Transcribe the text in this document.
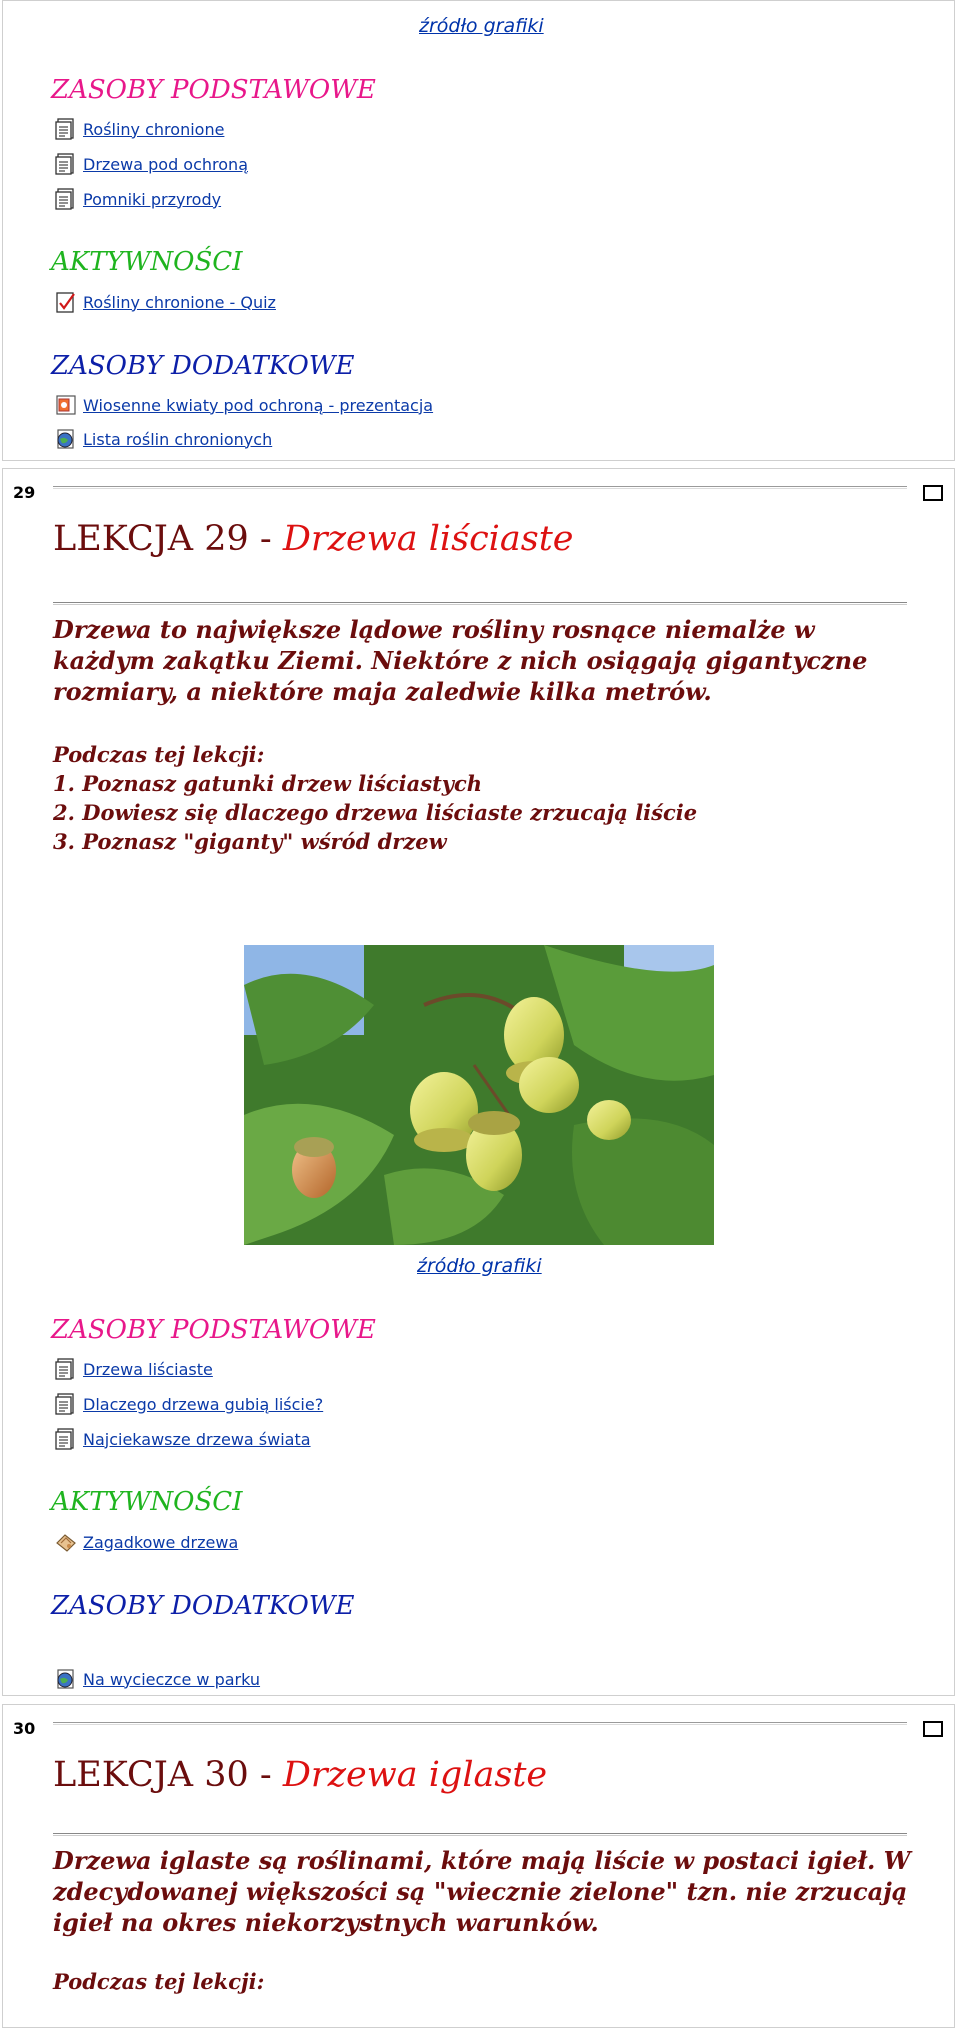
źródło grafiki
ZASOBY PODSTAWOWE
Rośliny chronione
Drzewa pod ochroną
Pomniki przyrody
AKTYWNOŚCI
Rośliny chronione - Quiz
ZASOBY DODATKOWE
Wiosenne kwiaty pod ochroną - prezentacja
Lista roślin chronionych
29
LEKCJA 29 - Drzewa liściaste
Drzewa to największe lądowe rośliny rosnące niemalże w każdym zakątku Ziemi. Niektóre z nich osiągają gigantyczne rozmiary, a niektóre maja zaledwie kilka metrów.
Podczas tej lekcji:
1. Poznasz gatunki drzew liściastych
2. Dowiesz się dlaczego drzewa liściaste zrzucają liście
3. Poznasz "giganty" wśród drzew
źródło grafiki
ZASOBY PODSTAWOWE
Drzewa liściaste
Dlaczego drzewa gubią liście?
Najciekawsze drzewa świata
AKTYWNOŚCI
Zagadkowe drzewa
ZASOBY DODATKOWE
Na wycieczce w parku
30
LEKCJA 30 - Drzewa iglaste
Drzewa iglaste są roślinami, które mają liście w postaci igieł. W zdecydowanej większości są "wiecznie zielone" tzn. nie zrzucają igieł na okres niekorzystnych warunków.
Podczas tej lekcji:
